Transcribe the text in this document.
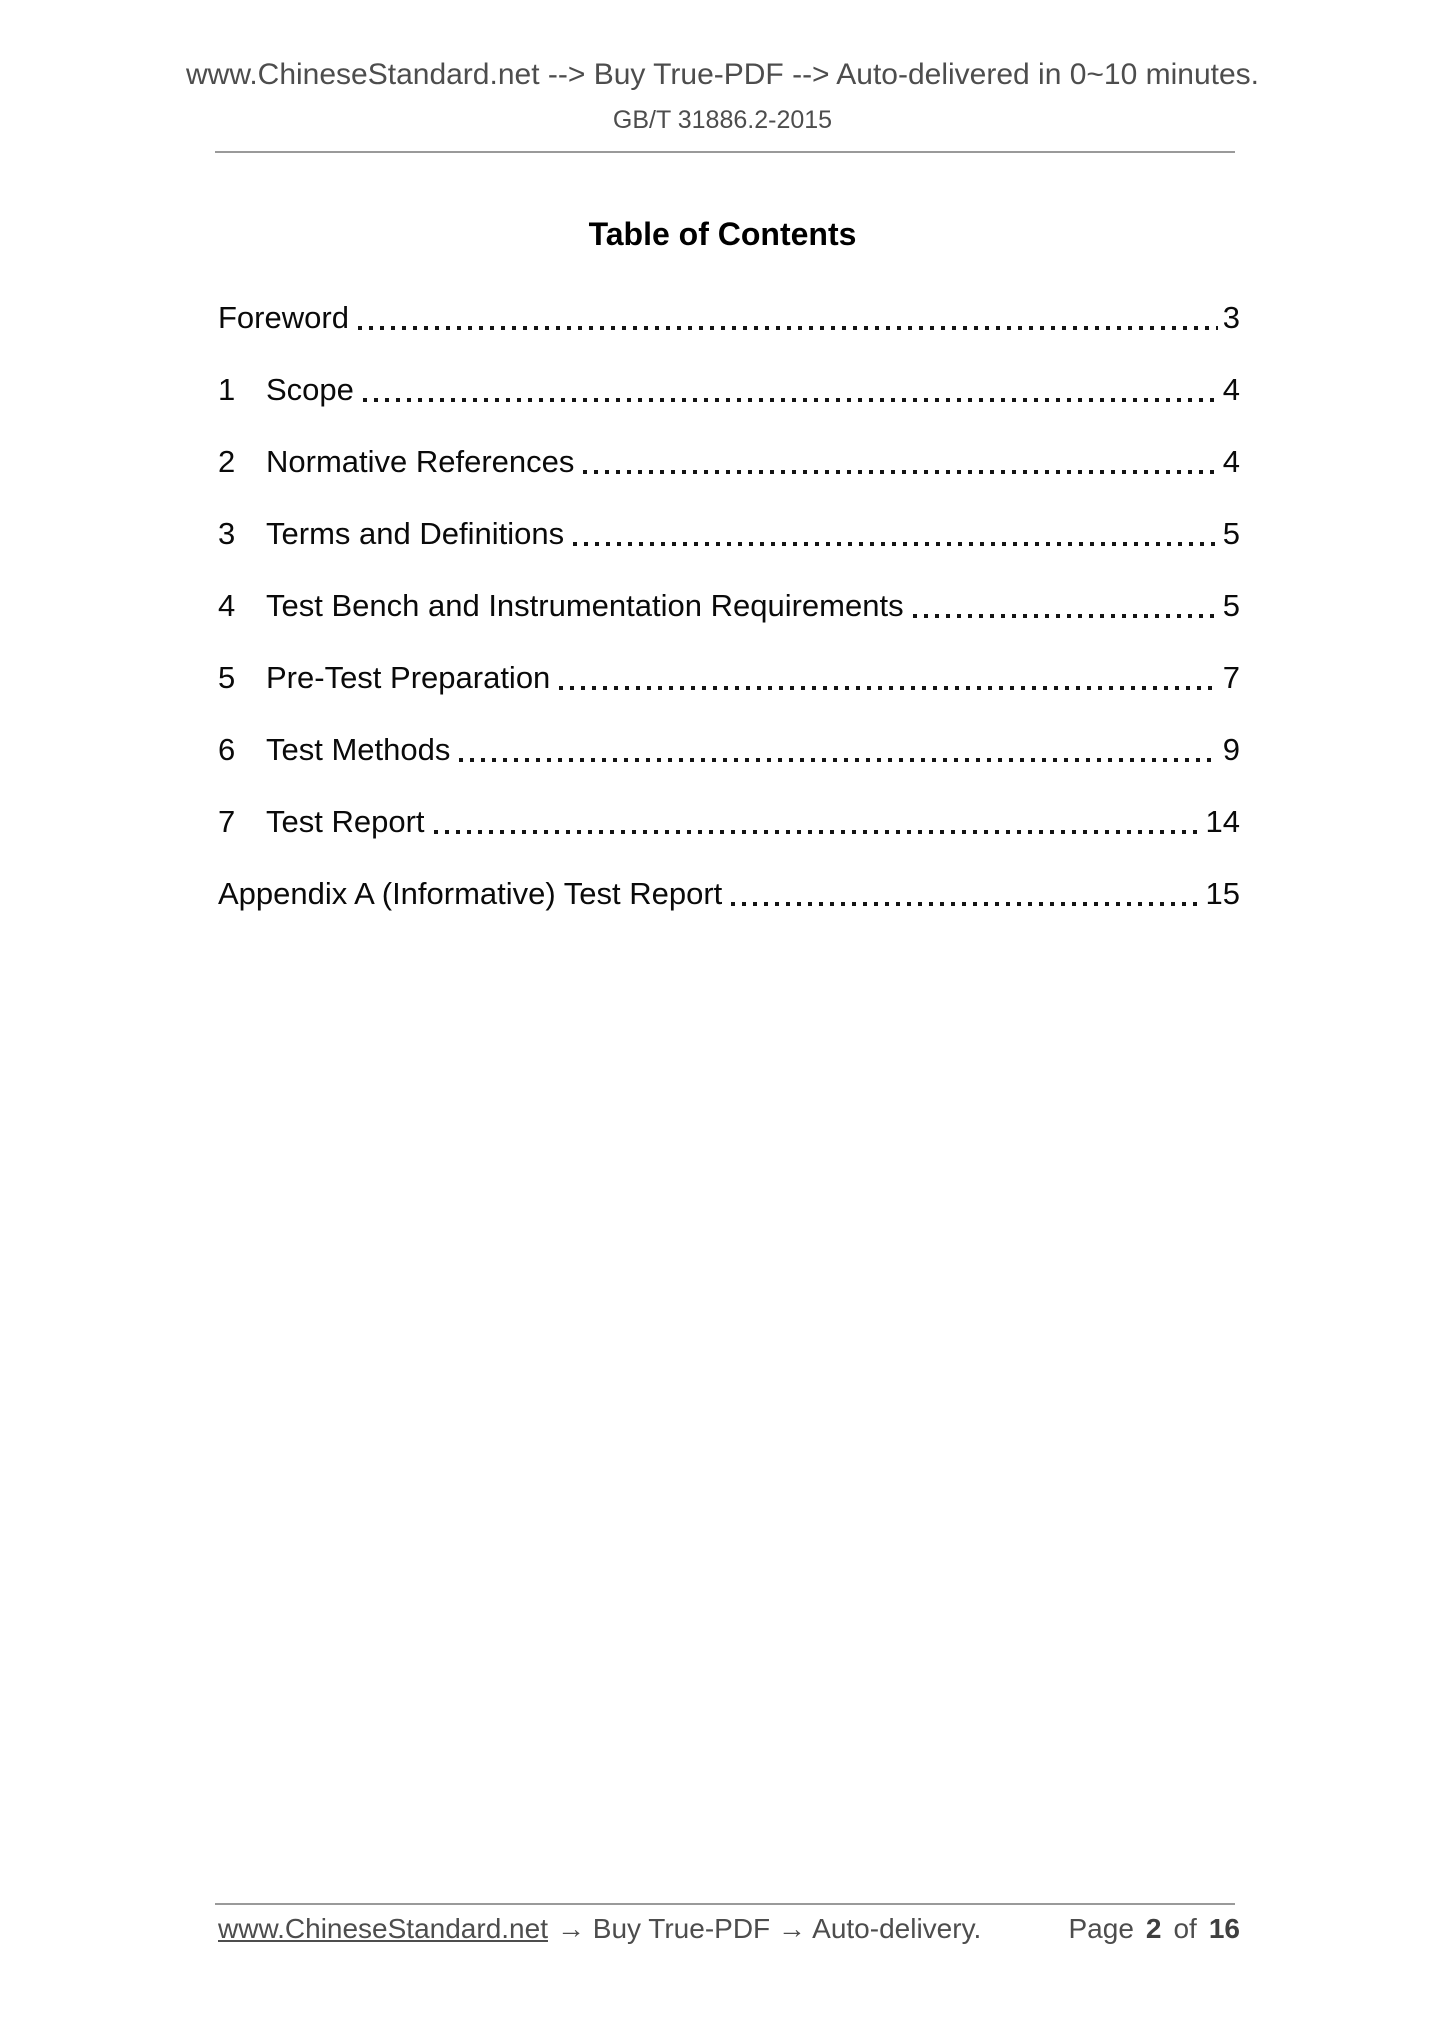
www.ChineseStandard.net --> Buy True-PDF --> Auto-delivered in 0~10 minutes.
GB/T 31886.2-2015
Table of Contents
Foreword	3
1 Scope	4
2 Normative References	4
3 Terms and Definitions	5
4 Test Bench and Instrumentation Requirements	5
5 Pre-Test Preparation	7
6 Test Methods	9
7 Test Report	14
Appendix A (Informative) Test Report	15
www.ChineseStandard.net → Buy True-PDF → Auto-delivery.	Page 2 of 16
